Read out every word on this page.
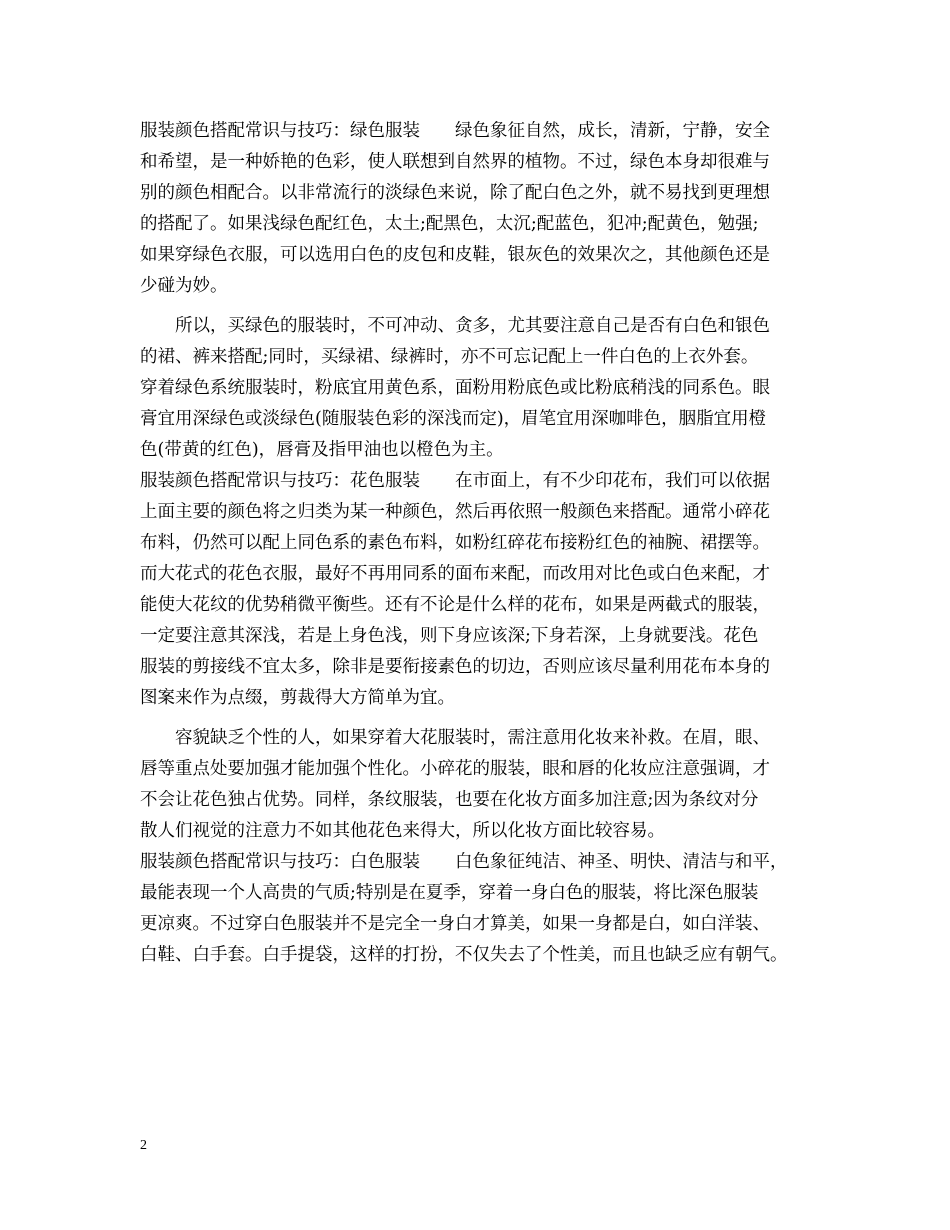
服装颜色搭配常识与技巧：绿色服装　　绿色象征自然，成长，清新，宁静，安全
和希望，是一种娇艳的色彩，使人联想到自然界的植物。不过，绿色本身却很难与
别的颜色相配合。以非常流行的淡绿色来说，除了配白色之外，就不易找到更理想
的搭配了。如果浅绿色配红色，太土;配黑色，太沉;配蓝色，犯冲;配黄色，勉强;
如果穿绿色衣服，可以选用白色的皮包和皮鞋，银灰色的效果次之，其他颜色还是
少碰为妙。
　　所以，买绿色的服装时，不可冲动、贪多，尤其要注意自己是否有白色和银色
的裙、裤来搭配;同时，买绿裙、绿裤时，亦不可忘记配上一件白色的上衣外套。
穿着绿色系统服装时，粉底宜用黄色系，面粉用粉底色或比粉底稍浅的同系色。眼
膏宜用深绿色或淡绿色(随服装色彩的深浅而定)，眉笔宜用深咖啡色，胭脂宜用橙
色(带黄的红色)，唇膏及指甲油也以橙色为主。
服装颜色搭配常识与技巧：花色服装　　在市面上，有不少印花布，我们可以依据
上面主要的颜色将之归类为某一种颜色，然后再依照一般颜色来搭配。通常小碎花
布料，仍然可以配上同色系的素色布料，如粉红碎花布接粉红色的袖腕、裙摆等。
而大花式的花色衣服，最好不再用同系的面布来配，而改用对比色或白色来配，才
能使大花纹的优势稍微平衡些。还有不论是什么样的花布，如果是两截式的服装，
一定要注意其深浅，若是上身色浅，则下身应该深;下身若深，上身就要浅。花色
服装的剪接线不宜太多，除非是要衔接素色的切边，否则应该尽量利用花布本身的
图案来作为点缀，剪裁得大方简单为宜。
　　容貌缺乏个性的人，如果穿着大花服装时，需注意用化妆来补救。在眉，眼、
唇等重点处要加强才能加强个性化。小碎花的服装，眼和唇的化妆应注意强调，才
不会让花色独占优势。同样，条纹服装，也要在化妆方面多加注意;因为条纹对分
散人们视觉的注意力不如其他花色来得大，所以化妆方面比较容易。
服装颜色搭配常识与技巧：白色服装　　白色象征纯洁、神圣、明快、清洁与和平，
最能表现一个人高贵的气质;特别是在夏季，穿着一身白色的服装，将比深色服装
更凉爽。不过穿白色服装并不是完全一身白才算美，如果一身都是白，如白洋装、
白鞋、白手套。白手提袋，这样的打扮，不仅失去了个性美，而且也缺乏应有朝气。
2
